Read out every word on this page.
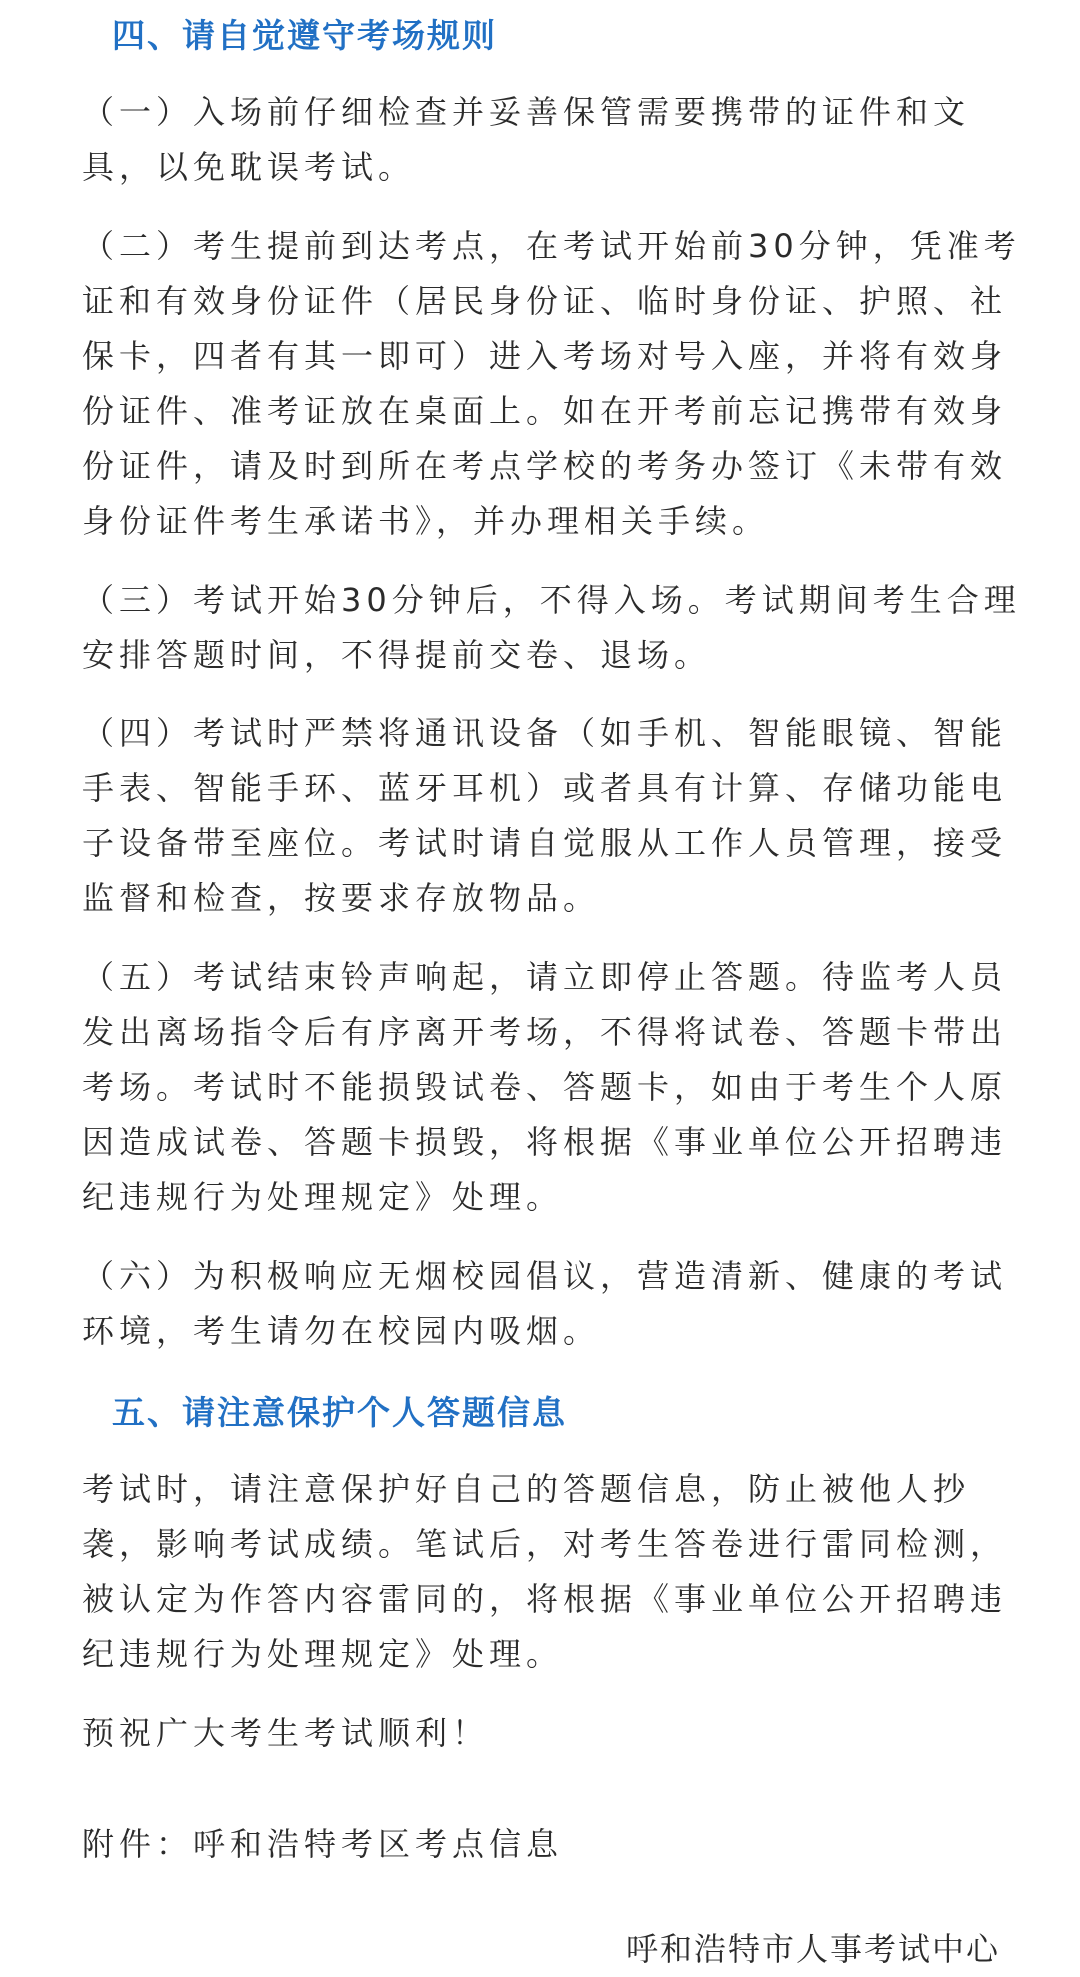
四、请自觉遵守考场规则

（一）入场前仔细检查并妥善保管需要携带的证件和文
具，以免耽误考试。

（二）考生提前到达考点，在考试开始前30分钟，凭准考
证和有效身份证件（居民身份证、临时身份证、护照、社
保卡，四者有其一即可）进入考场对号入座，并将有效身
份证件、准考证放在桌面上。如在开考前忘记携带有效身
份证件，请及时到所在考点学校的考务办签订《未带有效
身份证件考生承诺书》，并办理相关手续。

（三）考试开始30分钟后，不得入场。考试期间考生合理
安排答题时间，不得提前交卷、退场。

（四）考试时严禁将通讯设备（如手机、智能眼镜、智能
手表、智能手环、蓝牙耳机）或者具有计算、存储功能电
子设备带至座位。考试时请自觉服从工作人员管理，接受
监督和检查，按要求存放物品。

（五）考试结束铃声响起，请立即停止答题。待监考人员
发出离场指令后有序离开考场，不得将试卷、答题卡带出
考场。考试时不能损毁试卷、答题卡，如由于考生个人原
因造成试卷、答题卡损毁，将根据《事业单位公开招聘违
纪违规行为处理规定》处理。

（六）为积极响应无烟校园倡议，营造清新、健康的考试
环境，考生请勿在校园内吸烟。

五、请注意保护个人答题信息

考试时，请注意保护好自己的答题信息，防止被他人抄
袭，影响考试成绩。笔试后，对考生答卷进行雷同检测，
被认定为作答内容雷同的，将根据《事业单位公开招聘违
纪违规行为处理规定》处理。

预祝广大考生考试顺利！

附件：呼和浩特考区考点信息

呼和浩特市人事考试中心
